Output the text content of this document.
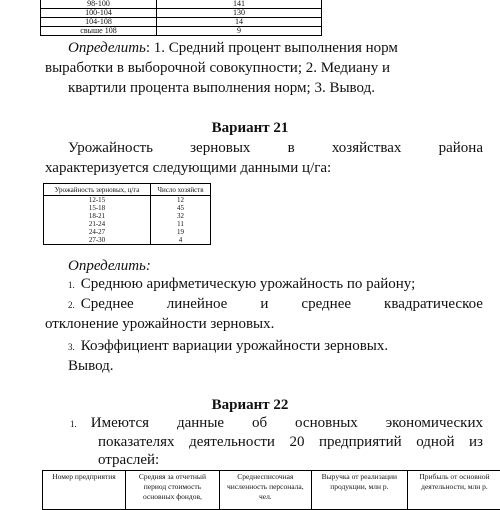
98-100	141
100-104	130
104-108	14
свыше 108	9
Определить: 1. Средний процент выполнения норм
выработки в выборочной совокупности; 2. Медиану и
квартили процента выполнения норм; 3. Вывод.
Вариант 21
Урожайность зерновых в хозяйствах района
характеризуется следующими данными ц/га:
Урожайность зерновых, ц/га	Число хозяйств
12-15	12
15-18	45
18-21	32
21-24	11
24-27	19
27-30	4
Определить:
1. Среднюю арифметическую урожайность по району;
2. Среднее линейное и среднее квадратическое
отклонение урожайности зерновых.
3. Коэффициент вариации урожайности зерновых.
Вывод.
Вариант 22
1. Имеются данные об основных экономических
показателях деятельности 20 предприятий одной из
отраслей:
Номер предприятия	Средняя за отчетный период стоимость основных фондов,	Среднесписочная численность персонала, чел.	Выручка от реализации продукции, млн р.	Прибыль от основной деятельности, млн р.
